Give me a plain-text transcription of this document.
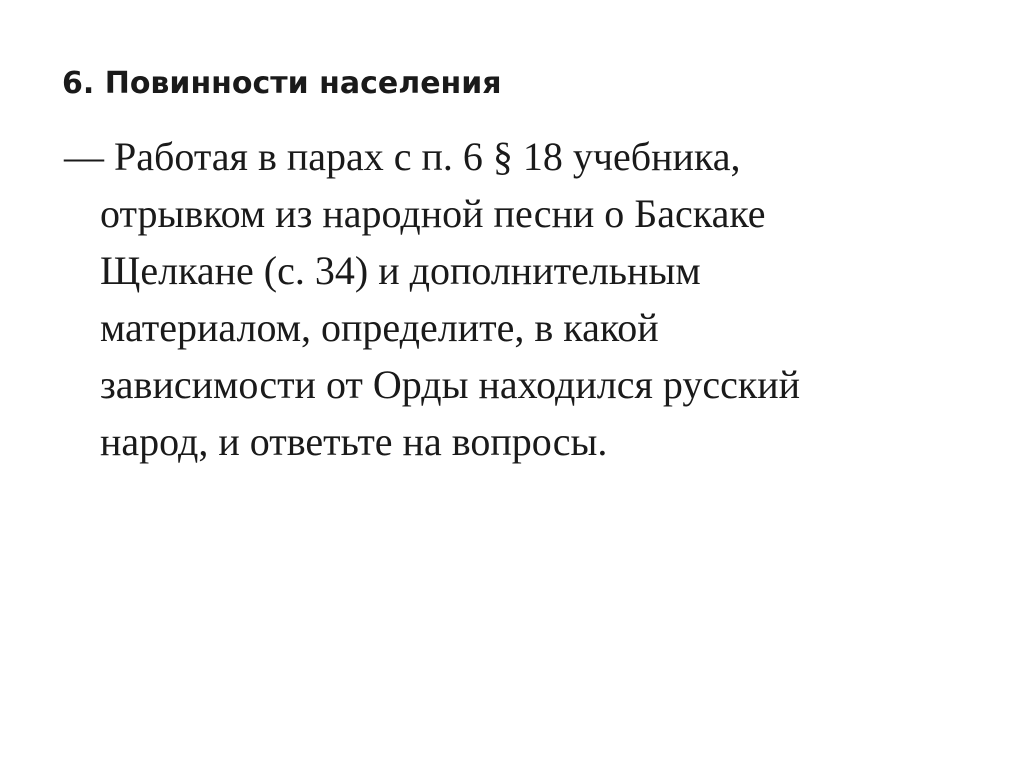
6. Повинности населения
— Работая в парах с п. 6 § 18 учебника,
отрывком из народной песни о Баскаке
Щелкане (с. 34) и дополнительным
материалом, определите, в какой
зависимости от Орды находился русский
народ, и ответьте на вопросы.
